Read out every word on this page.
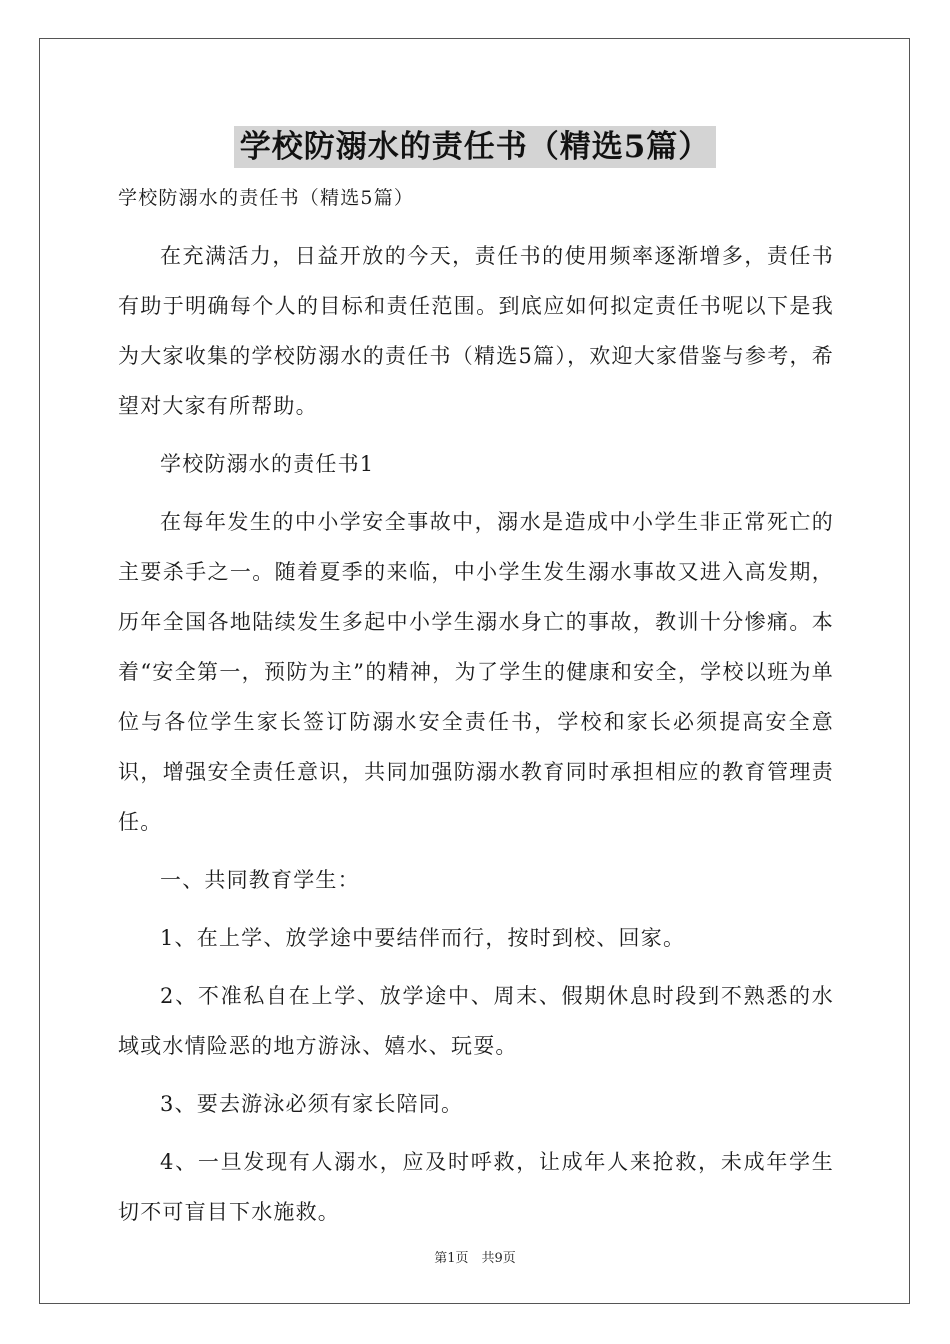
学校防溺水的责任书（精选5篇）

学校防溺水的责任书（精选5篇）

在充满活力，日益开放的今天，责任书的使用频率逐渐增多，责任书有助于明确每个人的目标和责任范围。到底应如何拟定责任书呢以下是我为大家收集的学校防溺水的责任书（精选5篇），欢迎大家借鉴与参考，希望对大家有所帮助。

学校防溺水的责任书1

在每年发生的中小学安全事故中，溺水是造成中小学生非正常死亡的主要杀手之一。随着夏季的来临，中小学生发生溺水事故又进入高发期，历年全国各地陆续发生多起中小学生溺水身亡的事故，教训十分惨痛。本着“安全第一，预防为主”的精神，为了学生的健康和安全，学校以班为单位与各位学生家长签订防溺水安全责任书，学校和家长必须提高安全意识，增强安全责任意识，共同加强防溺水教育同时承担相应的教育管理责任。

一、共同教育学生：

1、在上学、放学途中要结伴而行，按时到校、回家。

2、不准私自在上学、放学途中、周末、假期休息时段到不熟悉的水域或水情险恶的地方游泳、嬉水、玩耍。

3、要去游泳必须有家长陪同。

4、一旦发现有人溺水，应及时呼救，让成年人来抢救，未成年学生切不可盲目下水施救。

第1页　共9页
